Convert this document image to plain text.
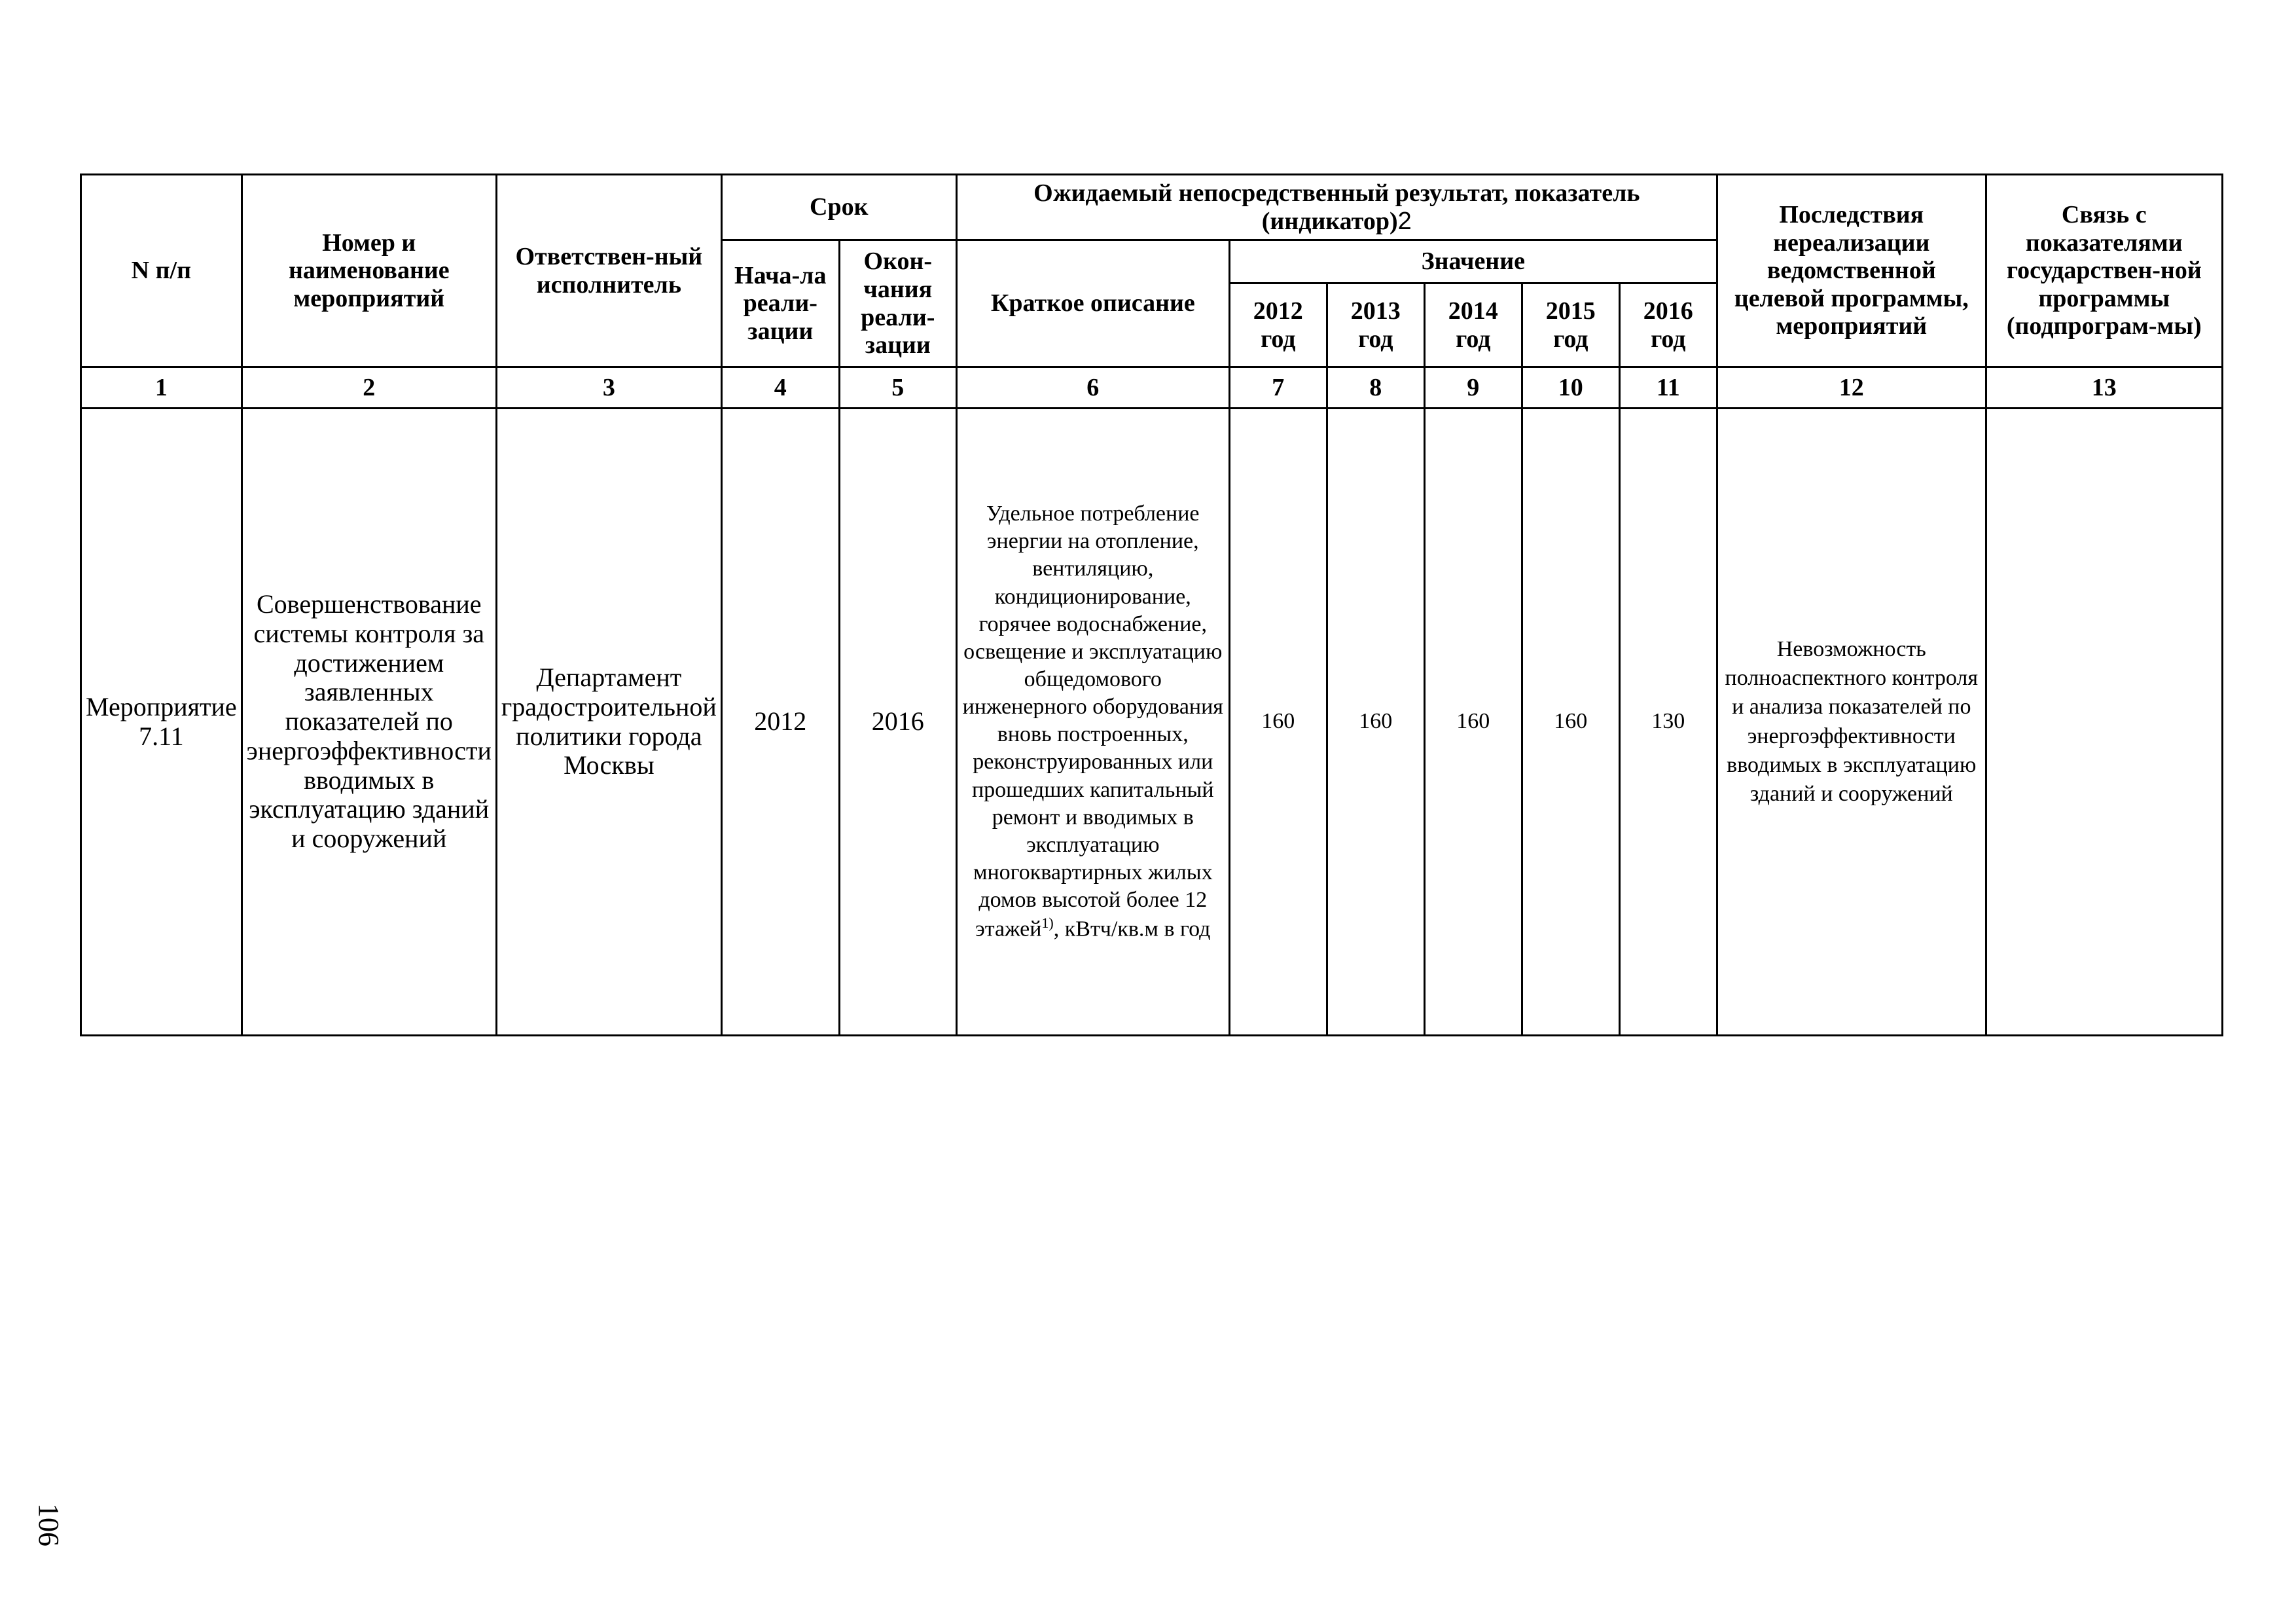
N п/п	Номер и наименование мероприятий	Ответствен-ный исполнитель	Срок		Ожидаемый непосредственный результат, показатель (индикатор)2						Последствия нереализации ведомственной целевой программы, мероприятий	Связь с показателями государствен-ной программы (подпрограм-мы)
			Нача-ла реали-зации	Окон-чания реали-зации	Краткое описание	Значение						
						2012 год	2013 год	2014 год	2015 год	2016 год		
1	2	3	4	5	6	7	8	9	10	11	12	13
Мероприятие 7.11	Совершенствование системы контроля за достижением заявленных показателей по энергоэффективности вводимых в эксплуатацию зданий и сооружений	Департамент градостроительной политики города Москвы	2012	2016	Удельное потребление энергии на отопление, вентиляцию, кондиционирование, горячее водоснабжение, освещение и эксплуатацию общедомового инженерного оборудования вновь построенных, реконструированных или прошедших капитальный ремонт и вводимых в эксплуатацию многоквартирных жилых домов высотой более 12 этажей$^{1)}$, кВтч/кв.м в год	160	160	160	160	130	Невозможность полноаспектного контроля и анализа показателей по энергоэффективности вводимых в эксплуатацию зданий и сооружений	
106
